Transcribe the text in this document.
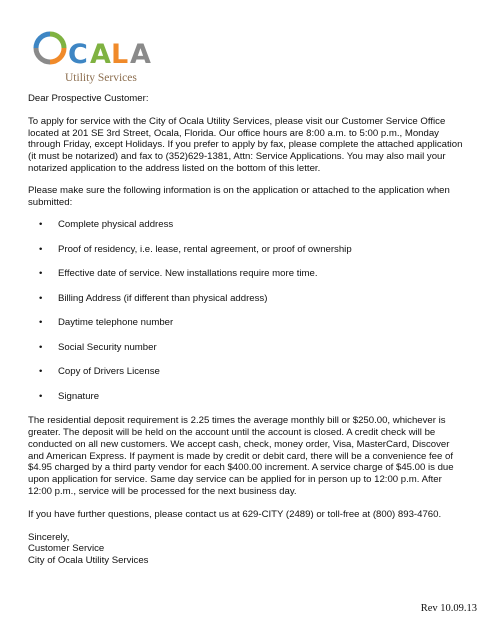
C A L A
Utility Services

Dear Prospective Customer:

To apply for service with the City of Ocala Utility Services, please visit our Customer Service Office located at 201 SE 3rd Street, Ocala, Florida. Our office hours are 8:00 a.m. to 5:00 p.m., Monday through Friday, except Holidays. If you prefer to apply by fax, please complete the attached application (it must be notarized) and fax to (352)629-1381, Attn: Service Applications. You may also mail your notarized application to the address listed on the bottom of this letter.

Please make sure the following information is on the application or attached to the application when submitted:

• Complete physical address
• Proof of residency, i.e. lease, rental agreement, or proof of ownership
• Effective date of service. New installations require more time.
• Billing Address (if different than physical address)
• Daytime telephone number
• Social Security number
• Copy of Drivers License
• Signature

The residential deposit requirement is 2.25 times the average monthly bill or $250.00, whichever is greater. The deposit will be held on the account until the account is closed. A credit check will be conducted on all new customers. We accept cash, check, money order, Visa, MasterCard, Discover and American Express. If payment is made by credit or debit card, there will be a convenience fee of $4.95 charged by a third party vendor for each $400.00 increment. A service charge of $45.00 is due upon application for service. Same day service can be applied for in person up to 12:00 p.m. After 12:00 p.m., service will be processed for the next business day.

If you have further questions, please contact us at 629-CITY (2489) or toll-free at (800) 893-4760.

Sincerely,
Customer Service
City of Ocala Utility Services
Rev 10.09.13
